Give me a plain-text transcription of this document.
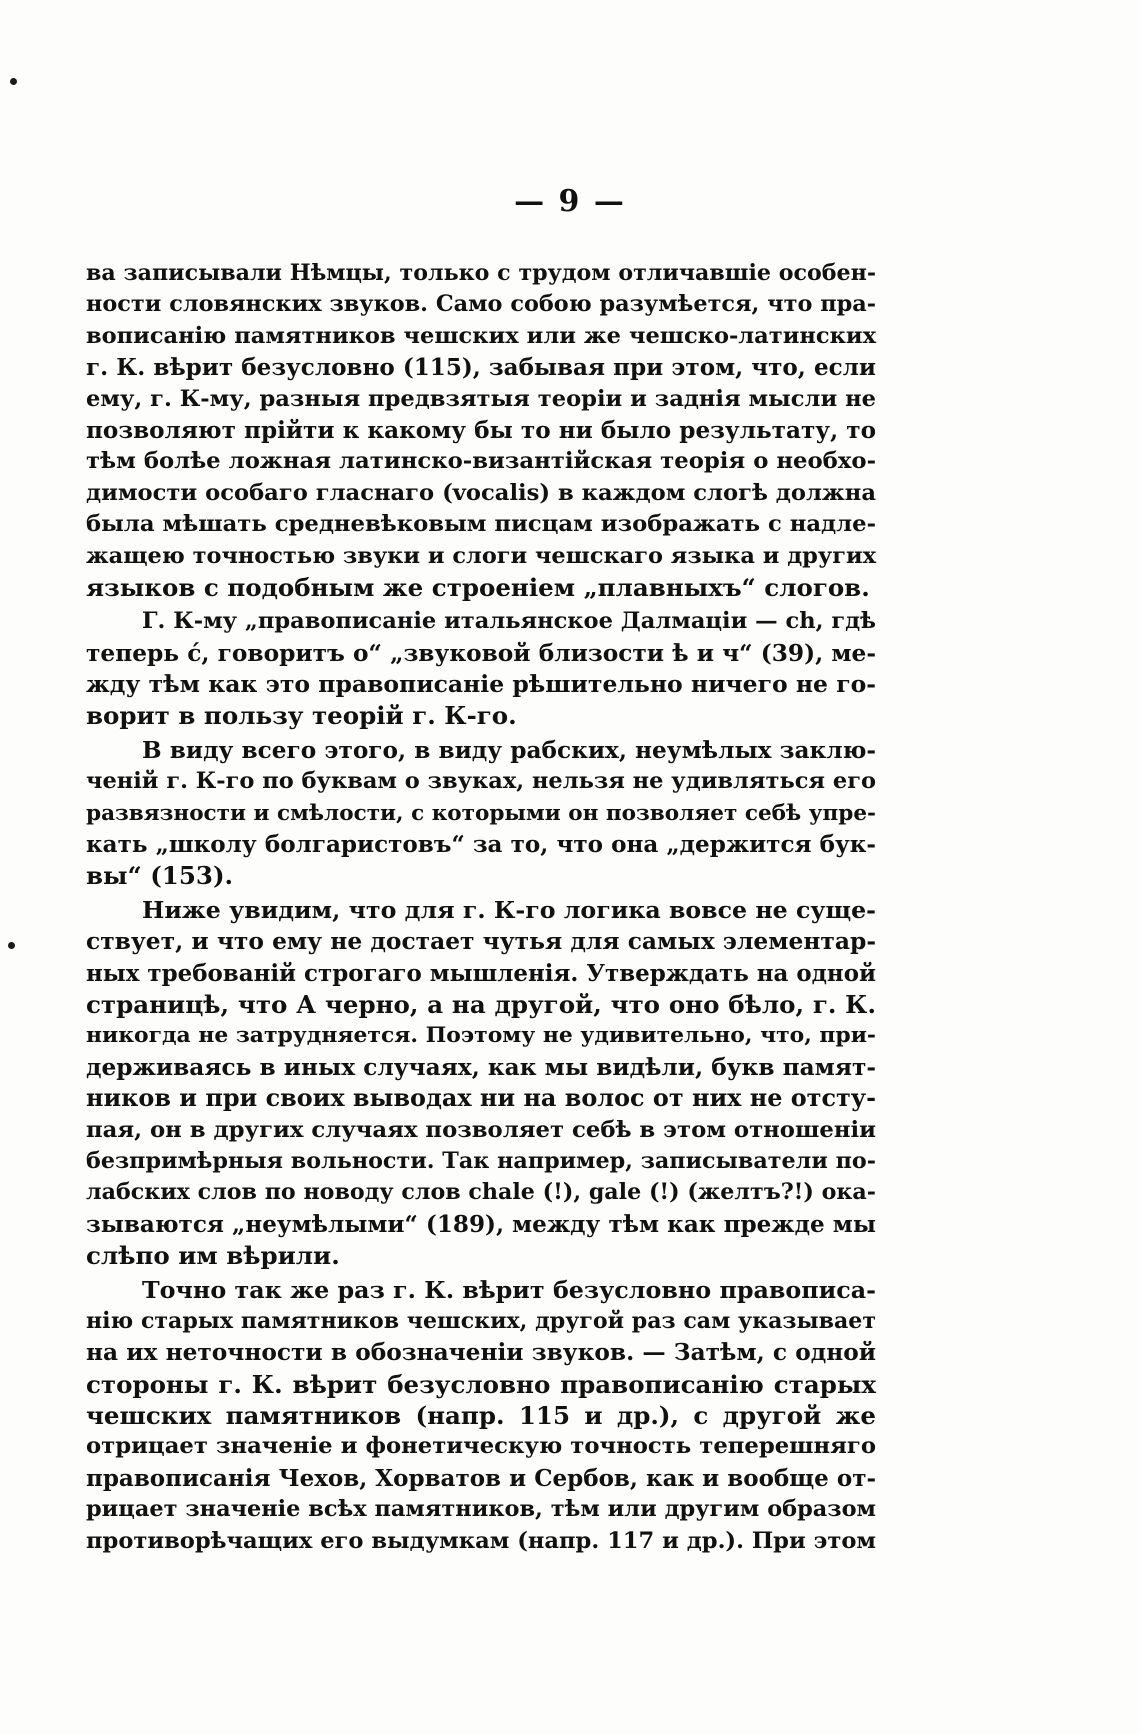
— 9 —
ва записывали Нѣмцы, только с трудом отличавшіе особен-
ности словянских звуков. Само собою разумѣется, что пра-
вописанію памятников чешских или же чешско-латинских
г. К. вѣрит безусловно (115), забывая при этом, что, если
ему, г. К-му, разныя предвзятыя теоріи и заднія мысли не
позволяют прійти к какому бы то ни было результату, то
тѣм болѣе ложная латинско-византійская теорія о необхо-
димости особаго гласнаго (vocalis) в каждом слогѣ должна
была мѣшать средневѣковым писцам изображать с надле-
жащею точностью звуки и слоги чешскаго языка и других
языков с подобным же строеніем „плавныхъ“ слогов.
Г. К-му „правописаніе итальянское Далмаціи — ch, гдѣ
теперь ć, говоритъ о“ „звуковой близости ѣ и ч“ (39), ме-
жду тѣм как это правописаніе рѣшительно ничего не го-
ворит в пользу теорій г. К-го.
В виду всего этого, в виду рабских, неумѣлых заклю-
ченій г. К-го по буквам о звуках, нельзя не удивляться его
развязности и смѣлости, с которыми он позволяет себѣ упре-
кать „школу болгаристовъ“ за то, что она „держится бук-
вы“ (153).
Ниже увидим, что для г. К-го логика вовсе не суще-
ствует, и что ему не достает чутья для самых элементар-
ных требованій строгаго мышленія. Утверждать на одной
страницѣ, что А черно, а на другой, что оно бѣло, г. К.
никогда не затрудняется. Поэтому не удивительно, что, при-
держиваясь в иных случаях, как мы видѣли, букв памят-
ников и при своих выводах ни на волос от них не отсту-
пая, он в других случаях позволяет себѣ в этом отношеніи
безпримѣрныя вольности. Так например, записыватели по-
лабских слов по новоду слов chale (!), gale (!) (желтъ?!) ока-
зываются „неумѣлыми“ (189), между тѣм как прежде мы
слѣпо им вѣрили.
Точно так же раз г. К. вѣрит безусловно правописа-
нію старых памятников чешских, другой раз сам указывает
на их неточности в обозначеніи звуков. — Затѣм, с одной
стороны г. К. вѣрит безусловно правописанію старых
чешских памятников (напр. 115 и др.), с другой же
отрицает значеніе и фонетическую точность теперешняго
правописанія Чехов, Хорватов и Сербов, как и вообще от-
рицает значеніе всѣх памятников, тѣм или другим образом
противорѣчащих его выдумкам (напр. 117 и др.). При этом
